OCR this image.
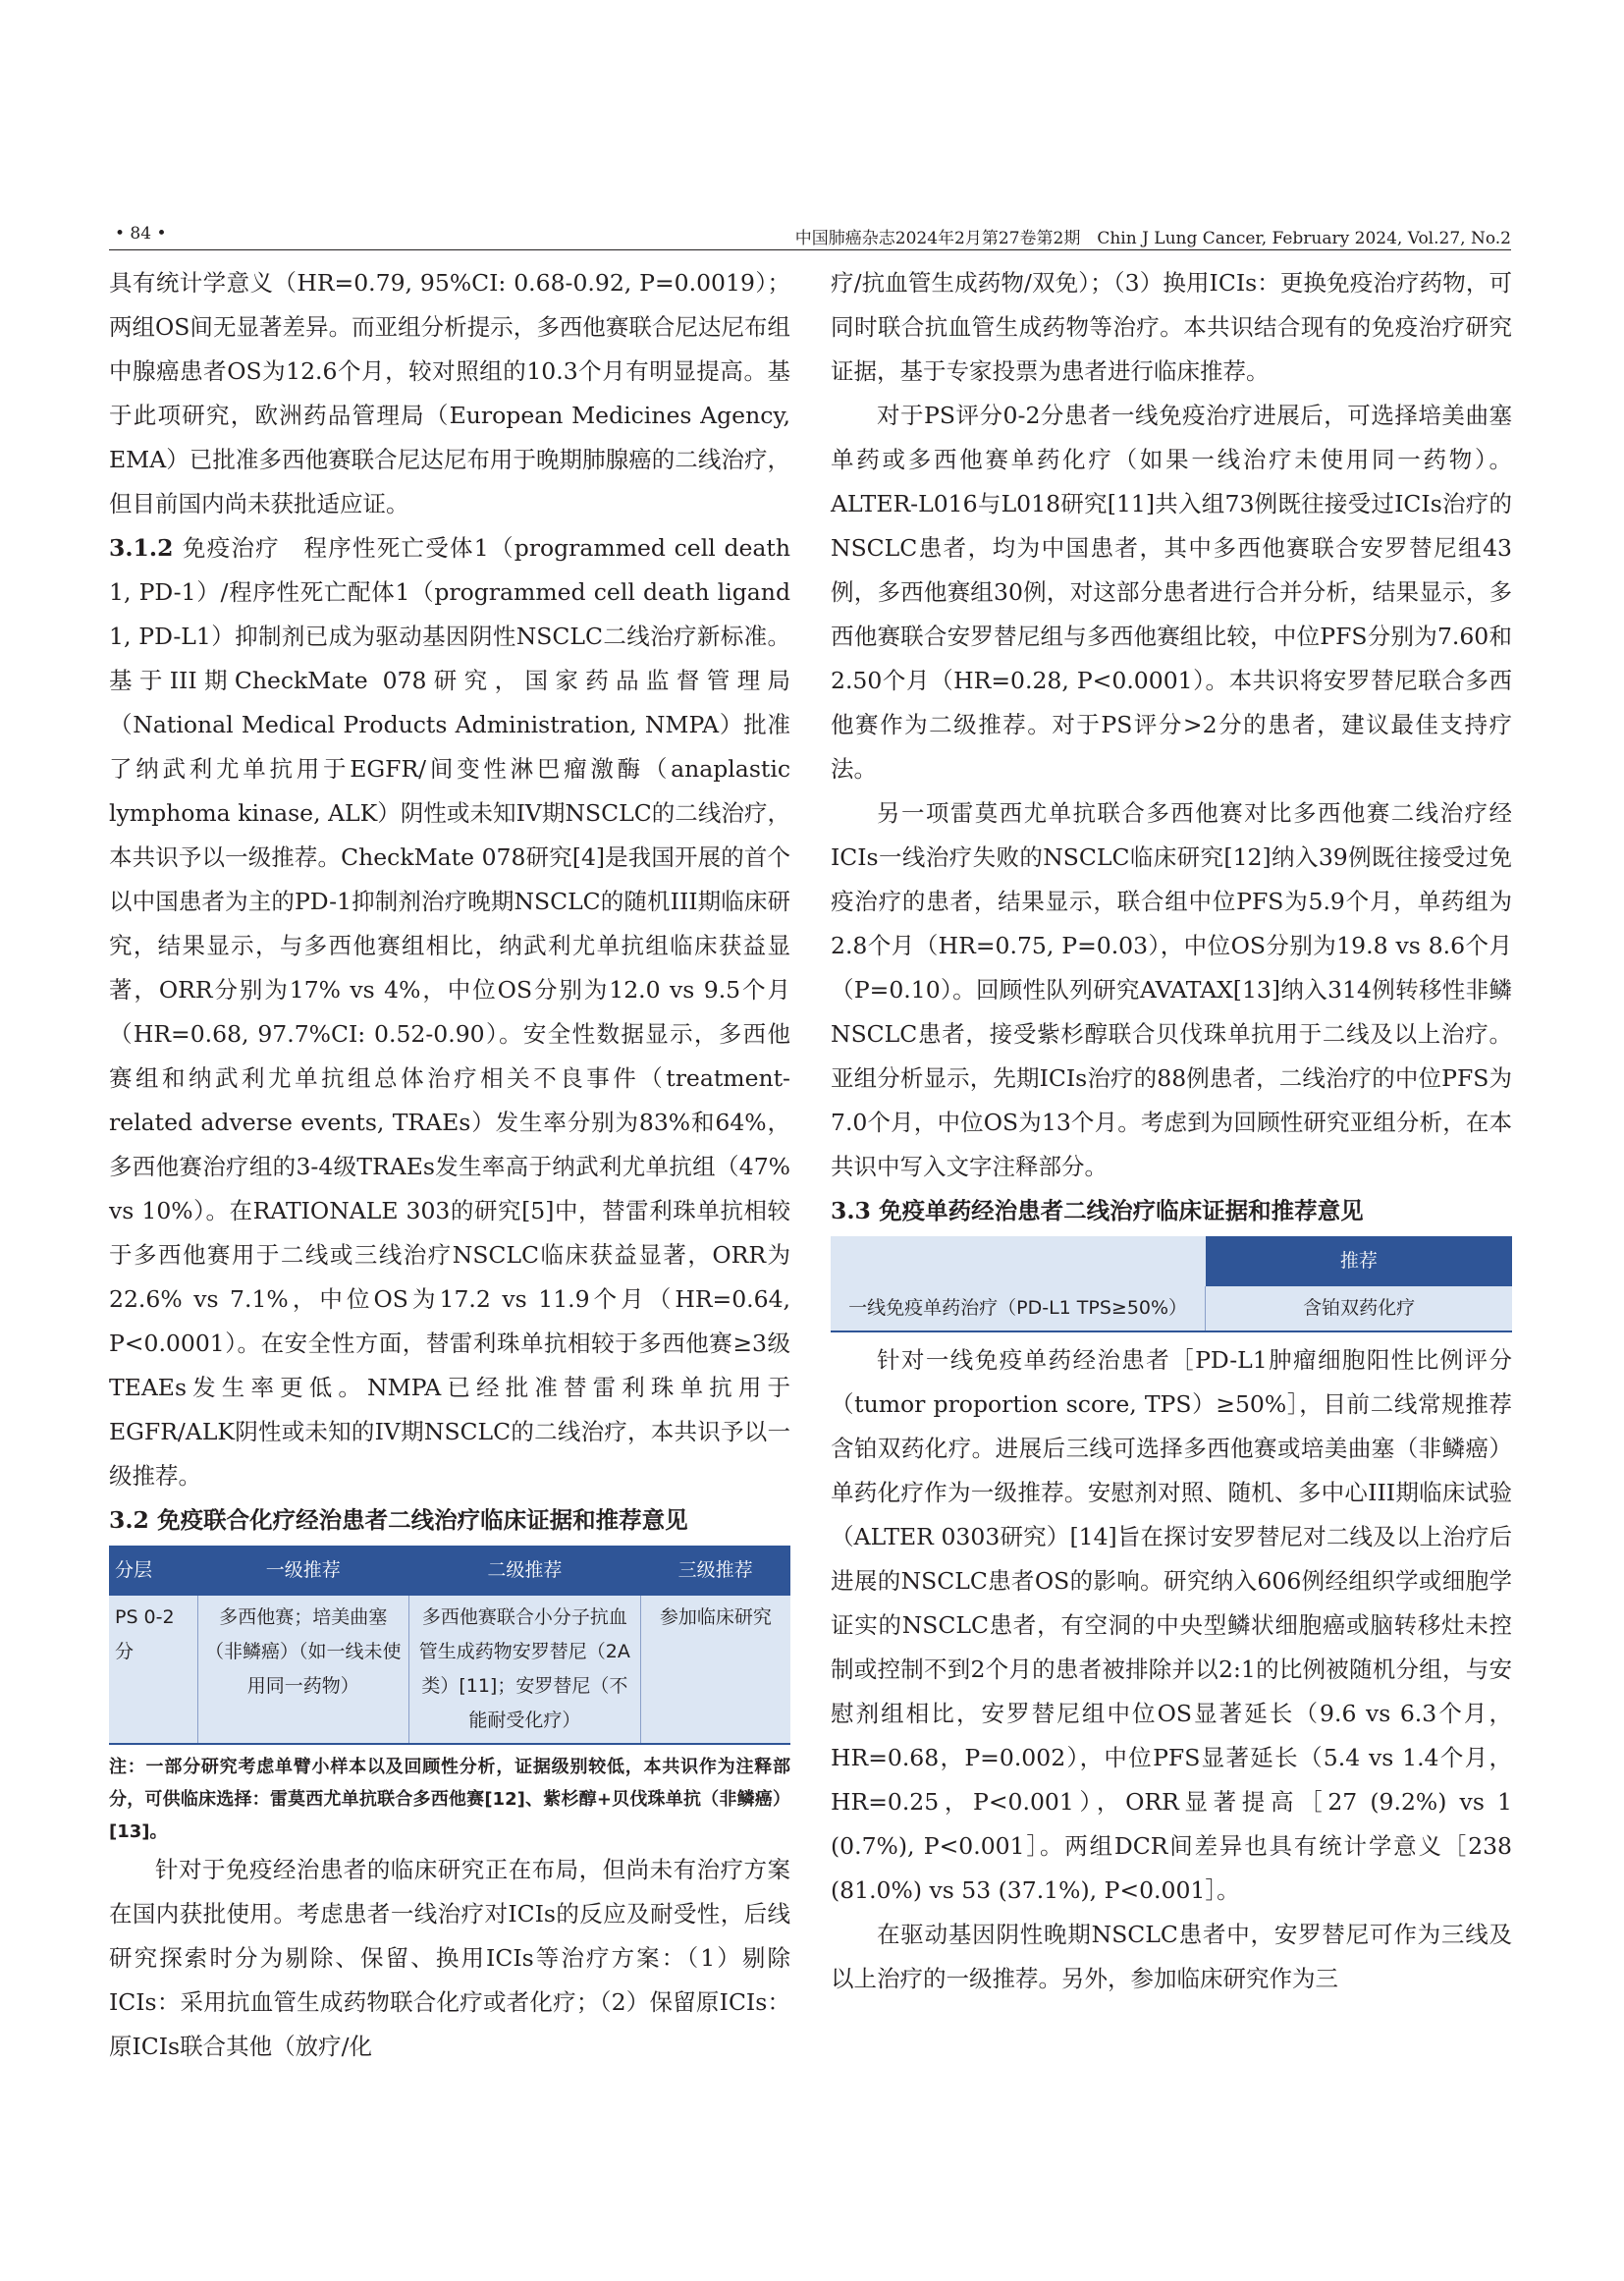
• 84 •	中国肺癌杂志2024年2月第27卷第2期　Chin J Lung Cancer, February 2024, Vol.27, No.2

具有统计学意义（HR=0.79, 95%CI: 0.68-0.92, P=0.0019）；两组OS间无显著差异。而亚组分析提示，多西他赛联合尼达尼布组中腺癌患者OS为12.6个月，较对照组的10.3个月有明显提高。基于此项研究，欧洲药品管理局（European Medicines Agency, EMA）已批准多西他赛联合尼达尼布用于晚期肺腺癌的二线治疗，但目前国内尚未获批适应证。

3.1.2 免疫治疗　程序性死亡受体1（programmed cell death 1, PD-1）/程序性死亡配体1（programmed cell death ligand 1, PD-L1）抑制剂已成为驱动基因阴性NSCLC二线治疗新标准。基于III期CheckMate 078研究，国家药品监督管理局（National Medical Products Administration, NMPA）批准了纳武利尤单抗用于EGFR/间变性淋巴瘤激酶（anaplastic lymphoma kinase, ALK）阴性或未知IV期NSCLC的二线治疗，本共识予以一级推荐。CheckMate 078研究[4]是我国开展的首个以中国患者为主的PD-1抑制剂治疗晚期NSCLC的随机III期临床研究，结果显示，与多西他赛组相比，纳武利尤单抗组临床获益显著，ORR分别为17% vs 4%，中位OS分别为12.0 vs 9.5个月（HR=0.68, 97.7%CI: 0.52-0.90）。安全性数据显示，多西他赛组和纳武利尤单抗组总体治疗相关不良事件（treatment-related adverse events, TRAEs）发生率分别为83%和64%，多西他赛治疗组的3-4级TRAEs发生率高于纳武利尤单抗组（47% vs 10%）。在RATIONALE 303的研究[5]中，替雷利珠单抗相较于多西他赛用于二线或三线治疗NSCLC临床获益显著，ORR为22.6% vs 7.1%，中位OS为17.2 vs 11.9个月（HR=0.64, P<0.0001）。在安全性方面，替雷利珠单抗相较于多西他赛≥3级TEAEs发生率更低。NMPA已经批准替雷利珠单抗用于EGFR/ALK阴性或未知的IV期NSCLC的二线治疗，本共识予以一级推荐。

3.2 免疫联合化疗经治患者二线治疗临床证据和推荐意见

分层	一级推荐	二级推荐	三级推荐
PS 0-2分	多西他赛；培美曲塞（非鳞癌）（如一线未使用同一药物）	多西他赛联合小分子抗血管生成药物安罗替尼（2A类）[11]；安罗替尼（不能耐受化疗）	参加临床研究

注：一部分研究考虑单臂小样本以及回顾性分析，证据级别较低，本共识作为注释部分，可供临床选择：雷莫西尤单抗联合多西他赛[12]、紫杉醇+贝伐珠单抗（非鳞癌）[13]。

针对于免疫经治患者的临床研究正在布局，但尚未有治疗方案在国内获批使用。考虑患者一线治疗对ICIs的反应及耐受性，后线研究探索时分为剔除、保留、换用ICIs等治疗方案：（1）剔除ICIs：采用抗血管生成药物联合化疗或者化疗；（2）保留原ICIs：原ICIs联合其他（放疗/化

疗/抗血管生成药物/双免）；（3）换用ICIs：更换免疫治疗药物，可同时联合抗血管生成药物等治疗。本共识结合现有的免疫治疗研究证据，基于专家投票为患者进行临床推荐。

对于PS评分0-2分患者一线免疫治疗进展后，可选择培美曲塞单药或多西他赛单药化疗（如果一线治疗未使用同一药物）。ALTER-L016与L018研究[11]共入组73例既往接受过ICIs治疗的NSCLC患者，均为中国患者，其中多西他赛联合安罗替尼组43例，多西他赛组30例，对这部分患者进行合并分析，结果显示，多西他赛联合安罗替尼组与多西他赛组比较，中位PFS分别为7.60和2.50个月（HR=0.28, P<0.0001）。本共识将安罗替尼联合多西他赛作为二级推荐。对于PS评分>2分的患者，建议最佳支持疗法。

另一项雷莫西尤单抗联合多西他赛对比多西他赛二线治疗经ICIs一线治疗失败的NSCLC临床研究[12]纳入39例既往接受过免疫治疗的患者，结果显示，联合组中位PFS为5.9个月，单药组为2.8个月（HR=0.75, P=0.03），中位OS分别为19.8 vs 8.6个月（P=0.10）。回顾性队列研究AVATAX[13]纳入314例转移性非鳞NSCLC患者，接受紫杉醇联合贝伐珠单抗用于二线及以上治疗。亚组分析显示，先期ICIs治疗的88例患者，二线治疗的中位PFS为7.0个月，中位OS为13个月。考虑到为回顾性研究亚组分析，在本共识中写入文字注释部分。

3.3 免疫单药经治患者二线治疗临床证据和推荐意见

	推荐
一线免疫单药治疗（PD-L1 TPS≥50%）	含铂双药化疗

针对一线免疫单药经治患者［PD-L1肿瘤细胞阳性比例评分（tumor proportion score, TPS）≥50%］，目前二线常规推荐含铂双药化疗。进展后三线可选择多西他赛或培美曲塞（非鳞癌）单药化疗作为一级推荐。安慰剂对照、随机、多中心III期临床试验（ALTER 0303研究）[14]旨在探讨安罗替尼对二线及以上治疗后进展的NSCLC患者OS的影响。研究纳入606例经组织学或细胞学证实的NSCLC患者，有空洞的中央型鳞状细胞癌或脑转移灶未控制或控制不到2个月的患者被排除并以2:1的比例被随机分组，与安慰剂组相比，安罗替尼组中位OS显著延长（9.6 vs 6.3个月，HR=0.68，P=0.002），中位PFS显著延长（5.4 vs 1.4个月，HR=0.25，P<0.001），ORR显著提高［27 (9.2%) vs 1 (0.7%), P<0.001］。两组DCR间差异也具有统计学意义［238 (81.0%) vs 53 (37.1%), P<0.001］。

在驱动基因阴性晚期NSCLC患者中，安罗替尼可作为三线及以上治疗的一级推荐。另外，参加临床研究作为三
